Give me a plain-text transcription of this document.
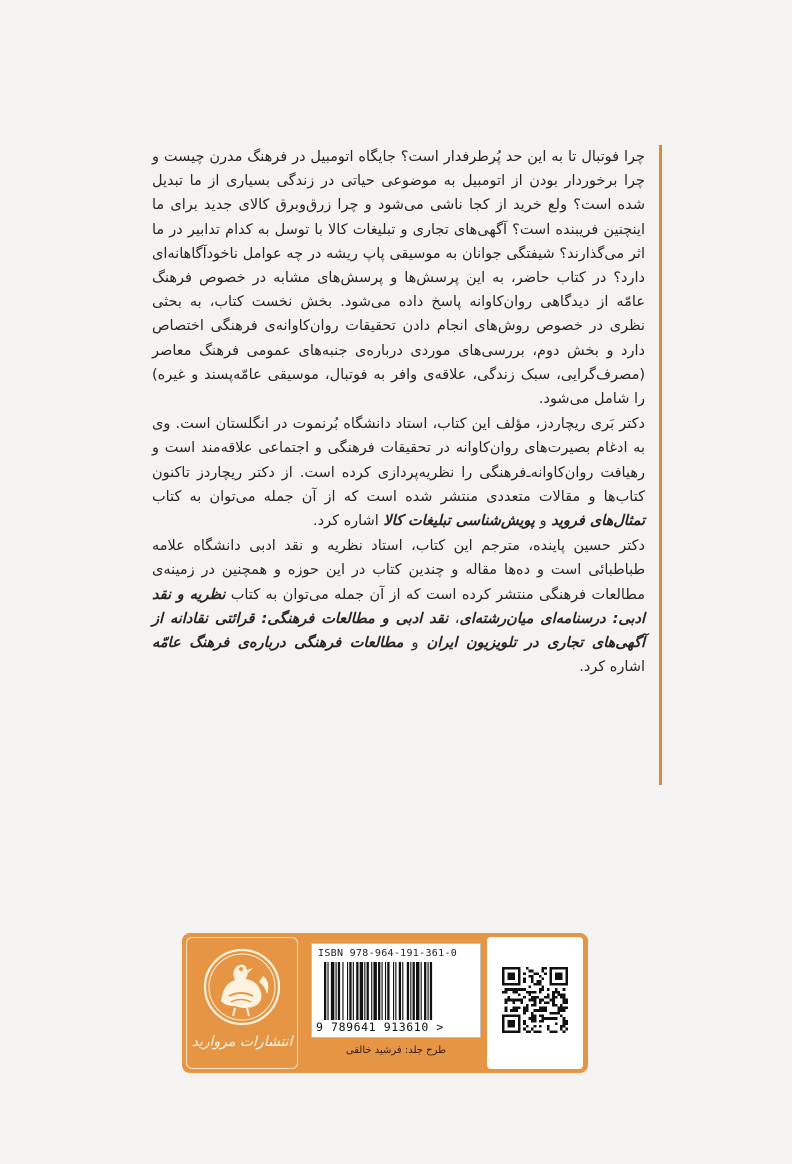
چرا فوتبال تا به این حد پُرطرفدار است؟ جایگاه اتومبیل در فرهنگ مدرن چیست و چرا برخوردار بودن از اتومبیل به موضوعی حیاتی در زندگی بسیاری از ما تبدیل شده است؟ ولع خرید از کجا ناشی می‌شود و چرا زرق‌وبرق کالای جدید برای ما اینچنین فریبنده است؟ آگهی‌های تجاری و تبلیغات کالا با توسل به کدام تدابیر در ما اثر می‌گذارند؟ شیفتگی جوانان به موسیقی پاپ ریشه در چه عوامل ناخودآگاهانه‌ای دارد؟ در کتاب حاضر، به این پرسش‌ها و پرسش‌های مشابه در خصوص فرهنگ عامّه از دیدگاهی روان‌کاوانه پاسخ داده می‌شود. بخش نخست کتاب، به بحثی نظری در خصوص روش‌های انجام دادن تحقیقات روان‌کاوانه‌ی فرهنگی اختصاص دارد و بخش دوم، بررسی‌های موردی درباره‌ی جنبه‌های عمومی فرهنگ معاصر (مصرف‌گرایی، سبک زندگی، علاقه‌ی وافر به فوتبال، موسیقی عامّه‌پسند و غیره) را شامل می‌شود.

دکتر بَری ریچاردز، مؤلف این کتاب، استاد دانشگاه بُرنموت در انگلستان است. وی به ادغام بصیرت‌های روان‌کاوانه در تحقیقات فرهنگی و اجتماعی علاقه‌مند است و رهیافت روان‌کاوانه‌ـ‌فرهنگی را نظریه‌پردازی کرده است. از دکتر ریچاردز تاکنون کتاب‌ها و مقالات متعددی منتشر شده است که از آن جمله می‌توان به کتاب تمثال‌های فروید و پویش‌شناسی تبلیغات کالا اشاره کرد.

دکتر حسین پاینده، مترجم این کتاب، استاد نظریه و نقد ادبی دانشگاه علامه طباطبائی است و ده‌ها مقاله و چندین کتاب در این حوزه و همچنین در زمینه‌ی مطالعات فرهنگی منتشر کرده است که از آن جمله می‌توان به کتاب نظریه و نقد ادبی: درسنامه‌ای میان‌رشته‌ای، نقد ادبی و مطالعات فرهنگی: قرائتی نقادانه از آگهی‌های تجاری در تلویزیون ایران و مطالعات فرهنگی درباره‌ی فرهنگ عامّه اشاره کرد.

انتشارات مروارید
ISBN 978-964-191-361-0
9 789641 913610 >
طرح جلد: فرشید خالقی
